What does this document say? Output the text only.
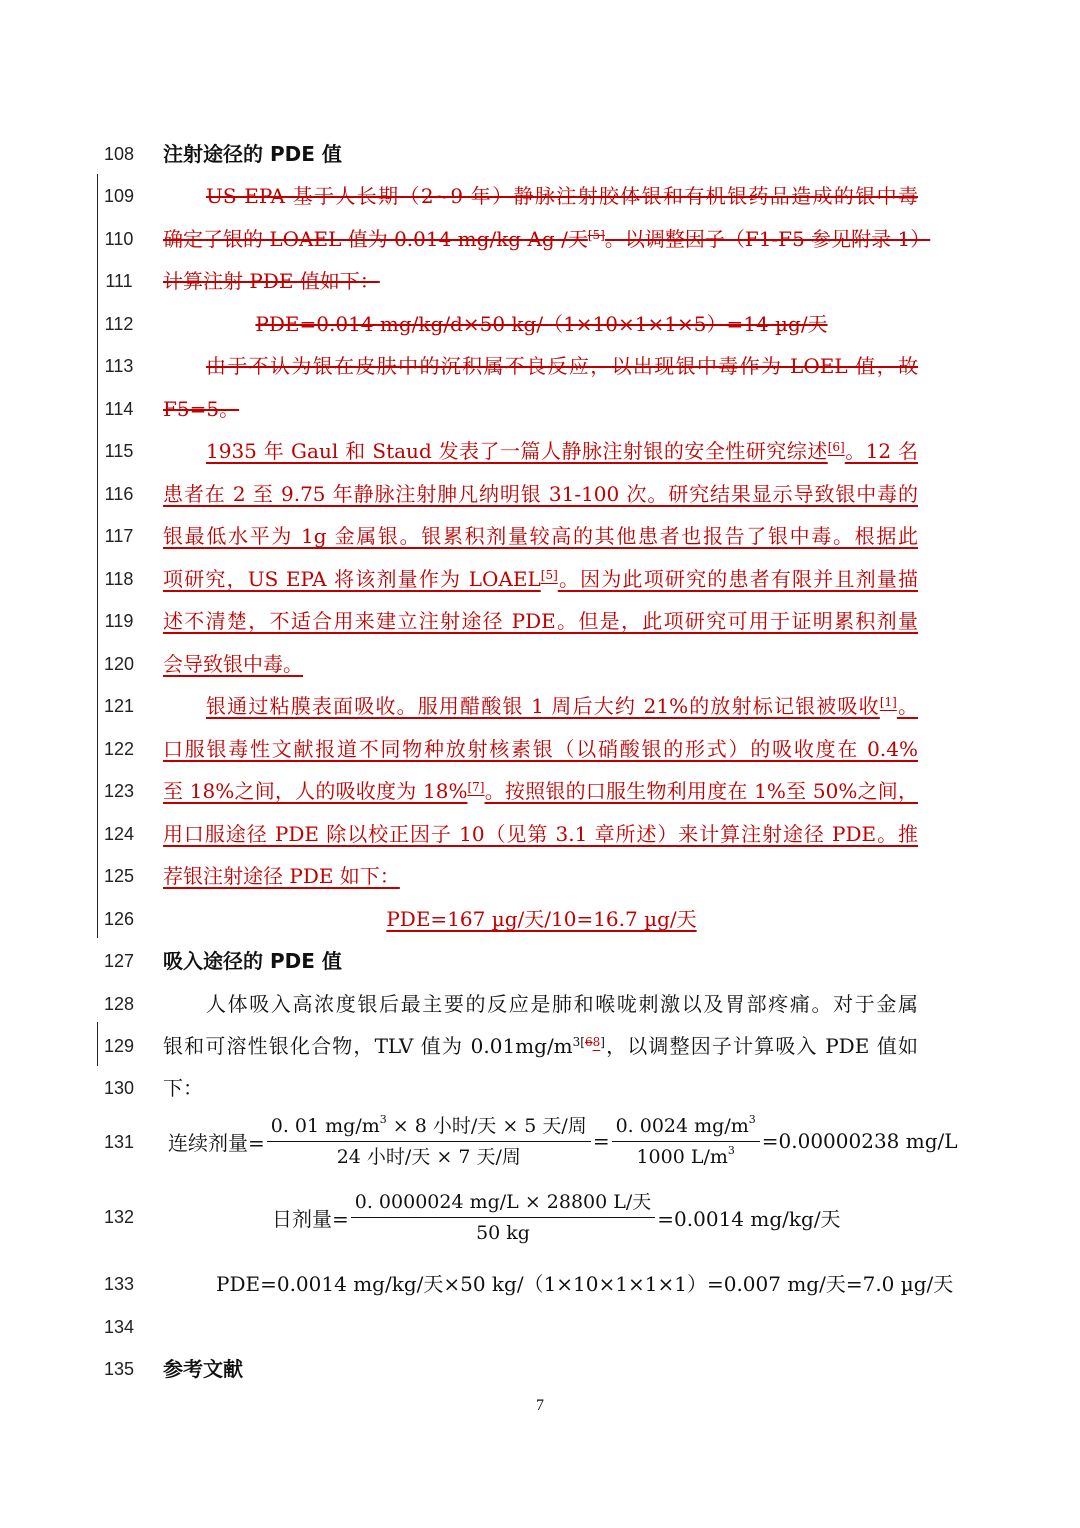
108
109
110
111
112
113
114
115
116
117
118
119
120
121
122
123
124
125
126
127
128
129
130
131
132
133
134
135
注射途径的 PDE 值
US EPA 基于人长期（2~9 年）静脉注射胶体银和有机银药品造成的银中毒
确定了银的 LOAEL 值为 0.014 mg/kg Ag /天[5]。以调整因子（F1-F5 参见附录 1）
计算注射 PDE 值如下：
PDE=0.014 mg/kg/d×50 kg/（1×10×1×1×5）=14 µg/天
由于不认为银在皮肤中的沉积属不良反应，以出现银中毒作为 LOEL 值，故
F5=5。
1935 年 Gaul 和 Staud 发表了一篇人静脉注射银的安全性研究综述[6]。12 名
患者在 2 至 9.75 年静脉注射胂凡纳明银 31-100 次。研究结果显示导致银中毒的
银最低水平为 1g 金属银。银累积剂量较高的其他患者也报告了银中毒。根据此
项研究，US EPA 将该剂量作为 LOAEL[5]。因为此项研究的患者有限并且剂量描
述不清楚，不适合用来建立注射途径 PDE。但是，此项研究可用于证明累积剂量
会导致银中毒。
银通过粘膜表面吸收。服用醋酸银 1 周后大约 21%的放射标记银被吸收[1]。
口服银毒性文献报道不同物种放射核素银（以硝酸银的形式）的吸收度在 0.4%
至 18%之间，人的吸收度为 18%[7]。按照银的口服生物利用度在 1%至 50%之间，
用口服途径 PDE 除以校正因子 10（见第 3.1 章所述）来计算注射途径 PDE。推
荐银注射途径 PDE 如下：
PDE=167 µg/天/10=16.7 µg/天
吸入途径的 PDE 值
人体吸入高浓度银后最主要的反应是肺和喉咙刺激以及胃部疼痛。对于金属
银和可溶性银化合物，TLV 值为 $0.01mg/m^{3[68]}$，以调整因子计算吸入 PDE 值如
下：
连续剂量= $\frac{0. 01 mg/m^3 \times 8 小时/天 \times 5 天/周}{\text{24 小时/天 × 7 天/周}} = \frac{0. 0024 mg/m^3}{1000 L/m^3} =0.00000238$ mg/L
日剂量= $\frac{\text{0. 0000024 mg/L × 28800 L/天}}{50 kg} =0.0014$ mg/kg/天
PDE=0.0014 mg/kg/天×50 kg/（1×10×1×1×1）=0.007 mg/天=7.0 µg/天
参考文献
7
